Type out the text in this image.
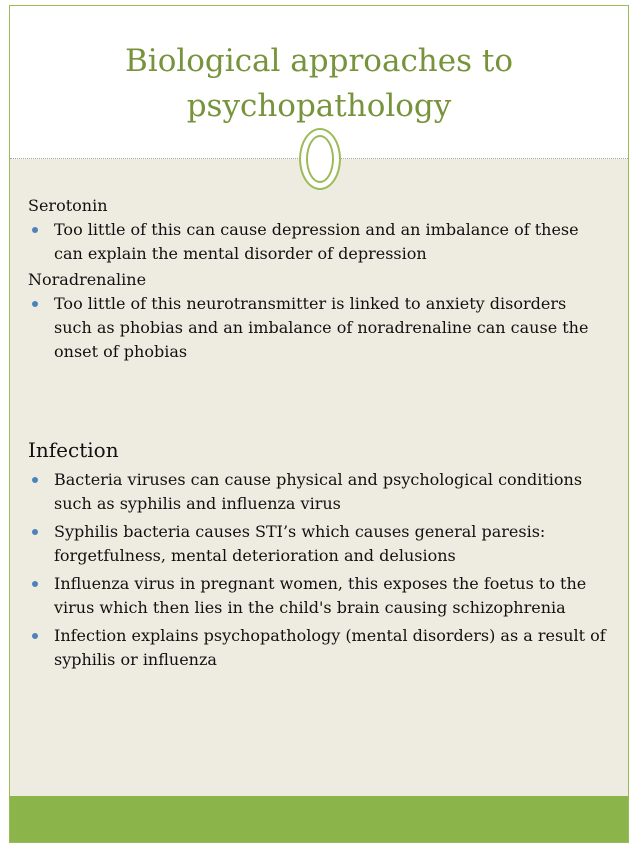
Biological approaches to
psychopathology

Serotonin

Too little of this can cause depression and an imbalance of these can explain the mental disorder of depression

Noradrenaline

Too little of this neurotransmitter is linked to anxiety disorders such as phobias and an imbalance of noradrenaline can cause the onset of phobias

Infection

Bacteria viruses can cause physical and psychological conditions such as syphilis and influenza virus
Syphilis bacteria causes STI’s which causes general paresis: forgetfulness, mental deterioration and delusions
Influenza virus in pregnant women, this exposes the foetus to the virus which then lies in the child's brain causing schizophrenia
Infection explains psychopathology (mental disorders) as a result of syphilis or influenza
